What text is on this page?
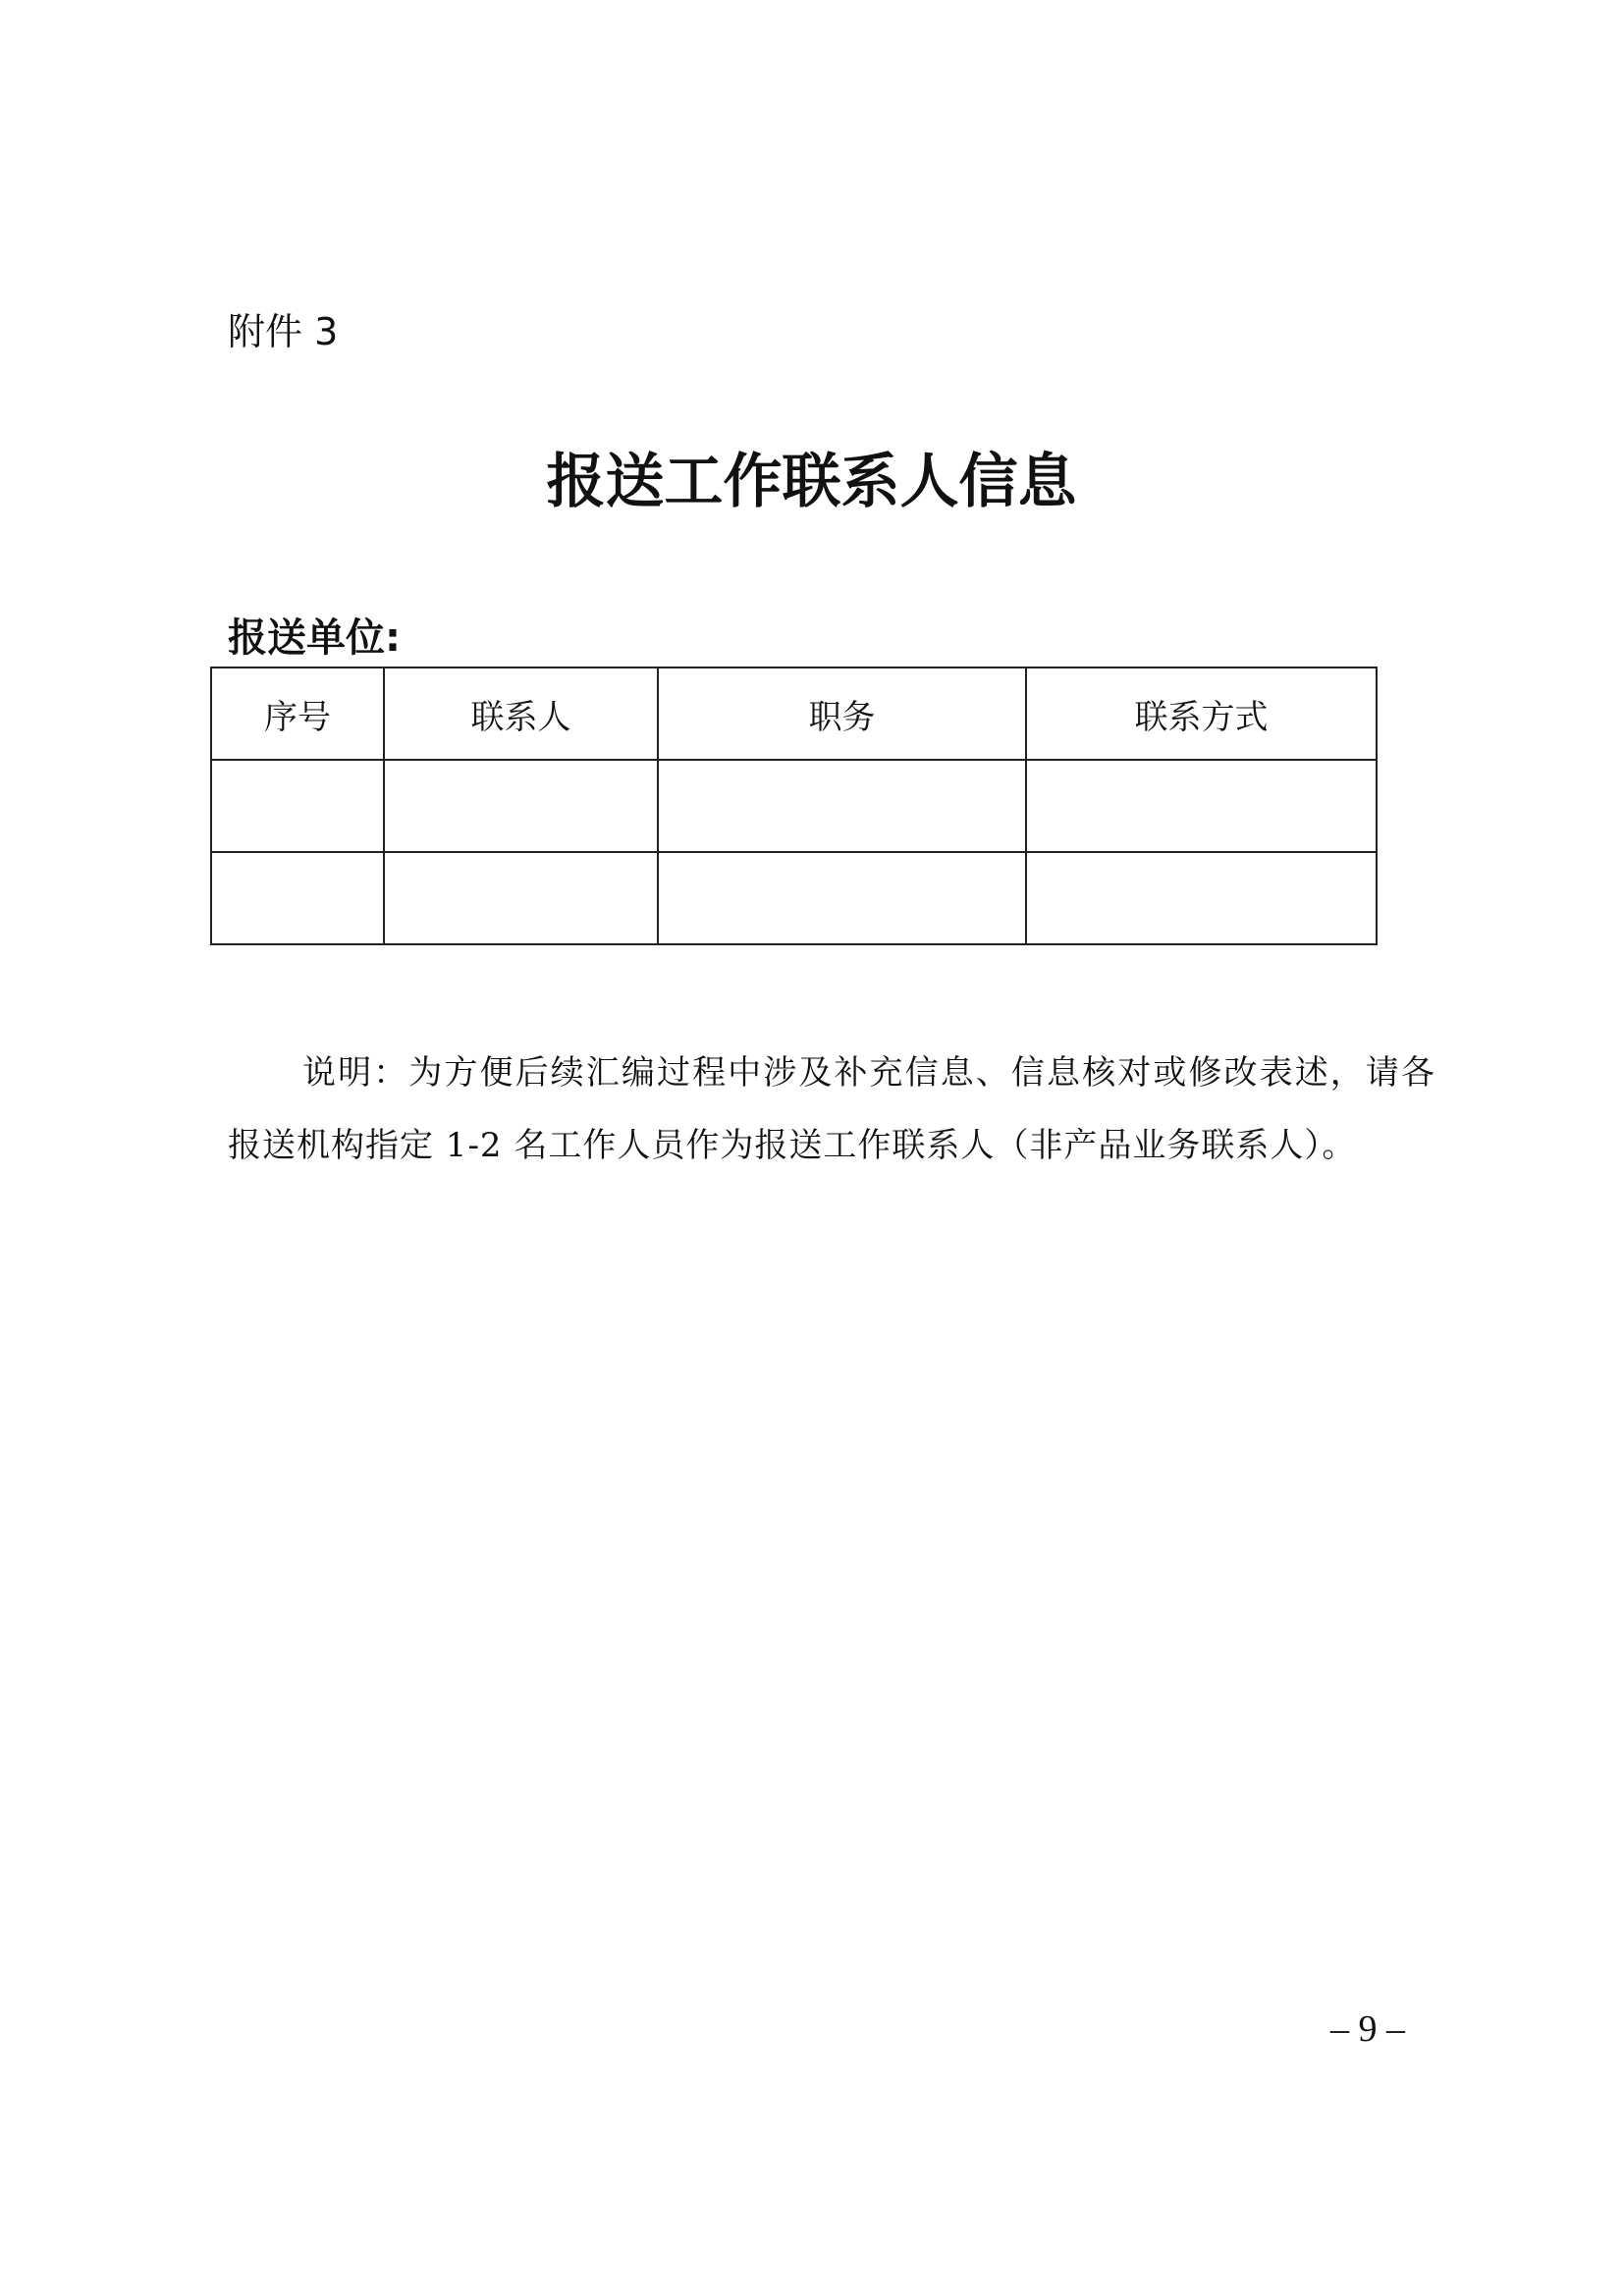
附件 3

报送工作联系人信息

报送单位:

序号	联系人	职务	联系方式

说明：为方便后续汇编过程中涉及补充信息、信息核对或修改表述，请各报送机构指定 1-2 名工作人员作为报送工作联系人（非产品业务联系人）。

– 9 –
